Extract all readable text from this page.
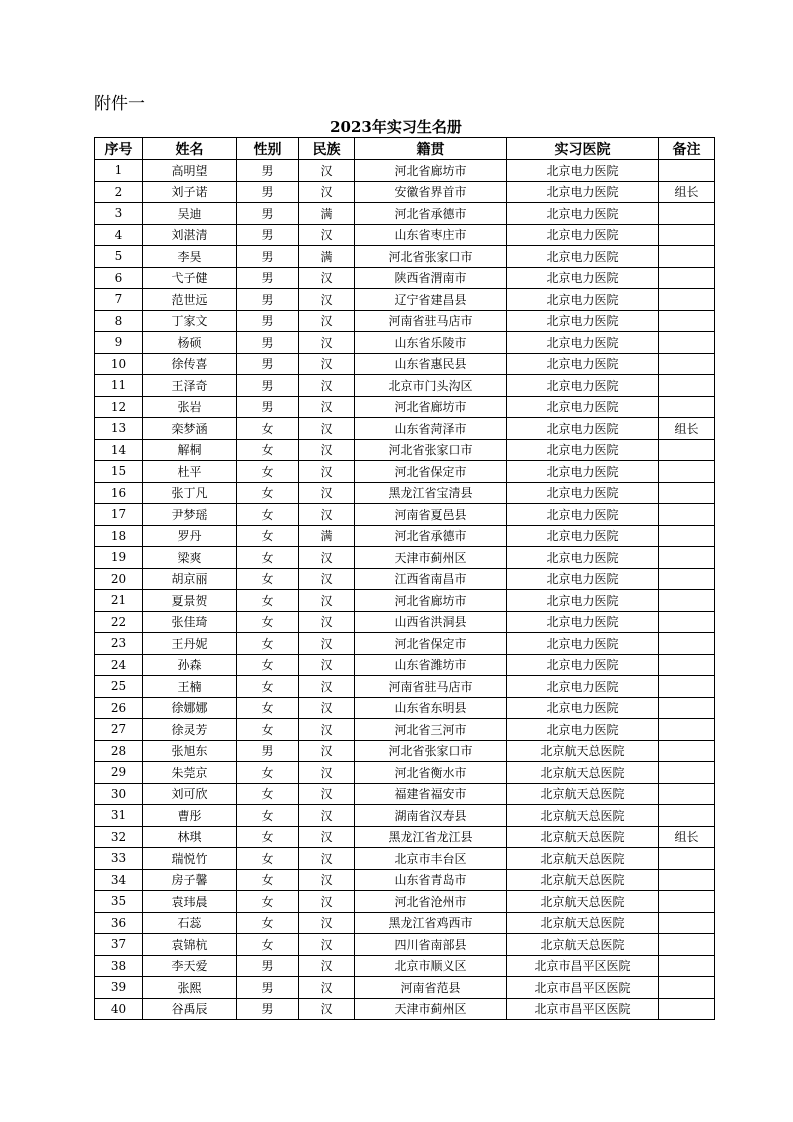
附件一
2023年实习生名册
序号	姓名	性别	民族	籍贯	实习医院	备注
1	高明望	男	汉	河北省廊坊市	北京电力医院	
2	刘子诺	男	汉	安徽省界首市	北京电力医院	组长
3	吴迪	男	满	河北省承德市	北京电力医院	
4	刘湛清	男	汉	山东省枣庄市	北京电力医院	
5	李昊	男	满	河北省张家口市	北京电力医院	
6	弋子健	男	汉	陕西省渭南市	北京电力医院	
7	范世远	男	汉	辽宁省建昌县	北京电力医院	
8	丁家文	男	汉	河南省驻马店市	北京电力医院	
9	杨硕	男	汉	山东省乐陵市	北京电力医院	
10	徐传喜	男	汉	山东省惠民县	北京电力医院	
11	王泽奇	男	汉	北京市门头沟区	北京电力医院	
12	张岩	男	汉	河北省廊坊市	北京电力医院	
13	栾梦涵	女	汉	山东省菏泽市	北京电力医院	组长
14	解桐	女	汉	河北省张家口市	北京电力医院	
15	杜平	女	汉	河北省保定市	北京电力医院	
16	张丁凡	女	汉	黑龙江省宝清县	北京电力医院	
17	尹梦瑶	女	汉	河南省夏邑县	北京电力医院	
18	罗丹	女	满	河北省承德市	北京电力医院	
19	梁爽	女	汉	天津市蓟州区	北京电力医院	
20	胡京丽	女	汉	江西省南昌市	北京电力医院	
21	夏景贺	女	汉	河北省廊坊市	北京电力医院	
22	张佳琦	女	汉	山西省洪洞县	北京电力医院	
23	王丹妮	女	汉	河北省保定市	北京电力医院	
24	孙森	女	汉	山东省潍坊市	北京电力医院	
25	王楠	女	汉	河南省驻马店市	北京电力医院	
26	徐娜娜	女	汉	山东省东明县	北京电力医院	
27	徐灵芳	女	汉	河北省三河市	北京电力医院	
28	张旭东	男	汉	河北省张家口市	北京航天总医院	
29	朱莞京	女	汉	河北省衡水市	北京航天总医院	
30	刘可欣	女	汉	福建省福安市	北京航天总医院	
31	曹彤	女	汉	湖南省汉寿县	北京航天总医院	
32	林琪	女	汉	黑龙江省龙江县	北京航天总医院	组长
33	瑞悦竹	女	汉	北京市丰台区	北京航天总医院	
34	房子馨	女	汉	山东省青岛市	北京航天总医院	
35	袁玮晨	女	汉	河北省沧州市	北京航天总医院	
36	石蕊	女	汉	黑龙江省鸡西市	北京航天总医院	
37	袁锦杭	女	汉	四川省南部县	北京航天总医院	
38	李天爱	男	汉	北京市顺义区	北京市昌平区医院	
39	张熙	男	汉	河南省范县	北京市昌平区医院	
40	谷禹辰	男	汉	天津市蓟州区	北京市昌平区医院	
